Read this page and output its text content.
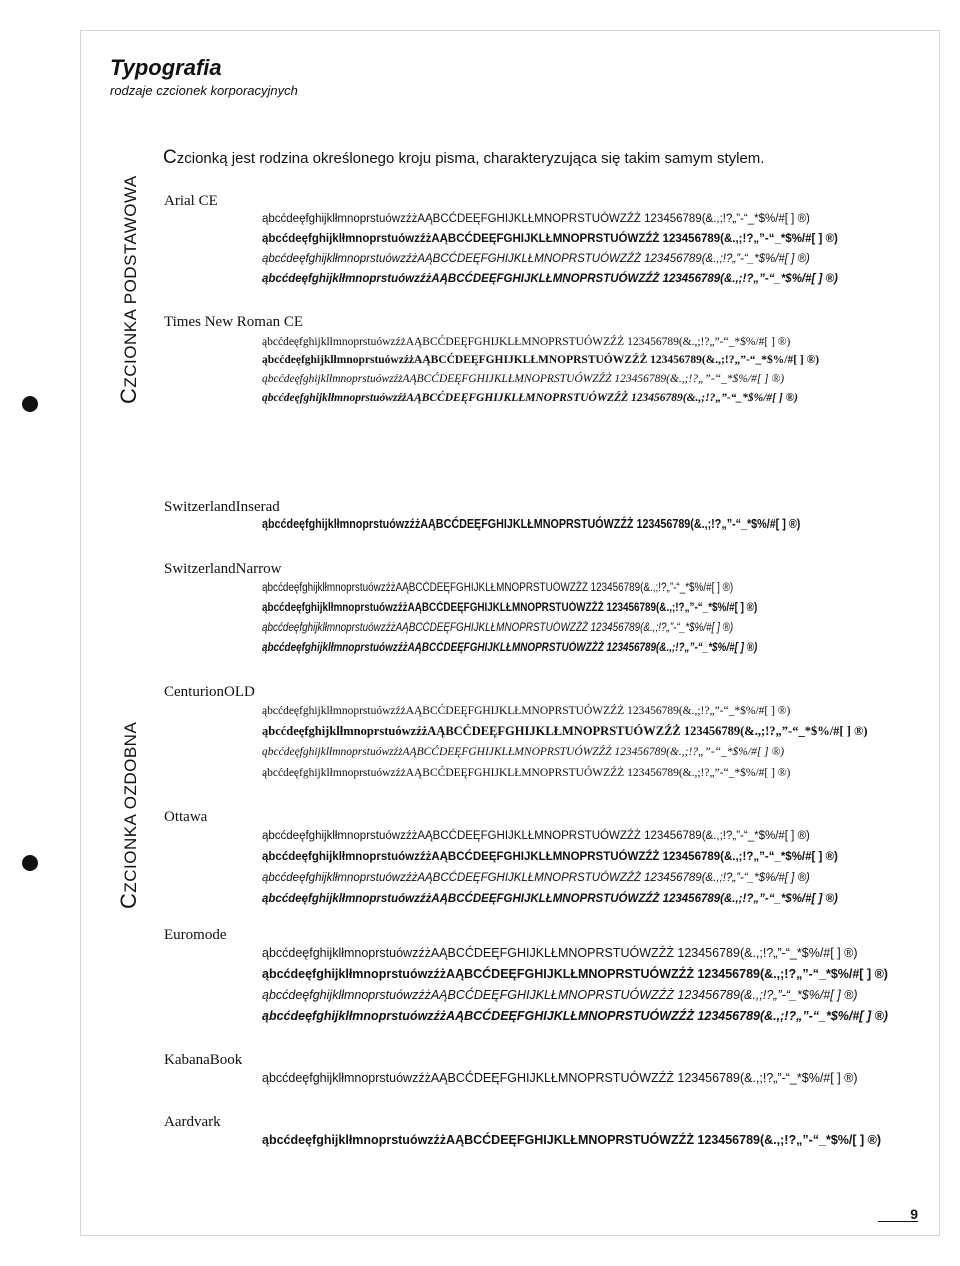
Typografia
rodzaje czcionek korporacyjnych
Czcionką jest rodzina określonego kroju pisma, charakteryzująca się takim samym stylem.
CZCIONKA PODSTAWOWA
CZCIONKA OZDOBNA
Arial CE
ąbcćdeęfghijklłmnoprstuówzźżAĄBCĆDEĘFGHIJKLŁMNOPRSTUÓWZŹŻ 123456789(&.,;!?„”-“_*$%/#[ ] ®)
ąbcćdeęfghijklłmnoprstuówzźżAĄBCĆDEĘFGHIJKLŁMNOPRSTUÓWZŹŻ 123456789(&.,;!?„”-“_*$%/#[ ] ®)
ąbcćdeęfghijklłmnoprstuówzźżAĄBCĆDEĘFGHIJKLŁMNOPRSTUÓWZŹŻ 123456789(&.,;!?„”-“_*$%/#[ ] ®)
ąbcćdeęfghijklłmnoprstuówzźżAĄBCĆDEĘFGHIJKLŁMNOPRSTUÓWZŹŻ 123456789(&.,;!?„”-“_*$%/#[ ] ®)
Times New Roman CE
ąbcćdeęfghijklłmnoprstuówzźżAĄBCĆDEĘFGHIJKLŁMNOPRSTUÓWZŹŻ 123456789(&.,;!?„”-“_*$%/#[ ] ®)
ąbcćdeęfghijklłmnoprstuówzźżAĄBCĆDEĘFGHIJKLŁMNOPRSTUÓWZŹŻ 123456789(&.,;!?„”-“_*$%/#[ ] ®)
ąbcćdeęfghijklłmnoprstuówzźżAĄBCĆDEĘFGHIJKLŁMNOPRSTUÓWZŹŻ 123456789(&.,;!?„”-“_*$%/#[ ] ®)
ąbcćdeęfghijklłmnoprstuówzźżAĄBCĆDEĘFGHIJKLŁMNOPRSTUÓWZŹŻ 123456789(&.,;!?„”-“_*$%/#[ ] ®)
SwitzerlandInserad
ąbcćdeęfghijklłmnoprstuówzźżAĄBCĆDEĘFGHIJKLŁMNOPRSTUÓWZŹŻ 123456789(&.,;!?„”-“_*$%/#[ ] ®)
SwitzerlandNarrow
ąbcćdeęfghijklłmnoprstuówzźżAĄBCĆDEĘFGHIJKLŁMNOPRSTUÓWZŹŻ 123456789(&.,;!?„”-“_*$%/#[ ] ®)
ąbcćdeęfghijklłmnoprstuówzźżAĄBCĆDEĘFGHIJKLŁMNOPRSTUÓWZŹŻ 123456789(&.,;!?„”-“_*$%/#[ ] ®)
ąbcćdeęfghijklłmnoprstuówzźżAĄBCĆDEĘFGHIJKLŁMNOPRSTUÓWZŹŻ 123456789(&.,;!?„”-“_*$%/#[ ] ®)
ąbcćdeęfghijklłmnoprstuówzźżAĄBCĆDEĘFGHIJKLŁMNOPRSTUÓWZŹŻ 123456789(&.,;!?„”-“_*$%/#[ ] ®)
CenturionOLD
ąbcćdeęfghijklłmnoprstuówzźżAĄBCĆDEĘFGHIJKLŁMNOPRSTUÓWZŹŻ 123456789(&.,;!?„”-“_*$%/#[ ] ®)
ąbcćdeęfghijklłmnoprstuówzźżAĄBCĆDEĘFGHIJKLŁMNOPRSTUÓWZŹŻ 123456789(&.,;!?„”-“_*$%/#[ ] ®)
ąbcćdeęfghijklłmnoprstuówzźżAĄBCĆDEĘFGHIJKLŁMNOPRSTUÓWZŹŻ 123456789(&.,;!?„”-“_*$%/#[ ] ®)
ąbcćdeęfghijklłmnoprstuówzźżAĄBCĆDEĘFGHIJKLŁMNOPRSTUÓWZŹŻ 123456789(&.,;!?„”-“_*$%/#[ ] ®)
Ottawa
ąbcćdeęfghijklłmnoprstuówzźżAĄBCĆDEĘFGHIJKLŁMNOPRSTUÓWZŹŻ 123456789(&.,;!?„”-“_*$%/#[ ] ®)
ąbcćdeęfghijklłmnoprstuówzźżAĄBCĆDEĘFGHIJKLŁMNOPRSTUÓWZŹŻ 123456789(&.,;!?„”-“_*$%/#[ ] ®)
ąbcćdeęfghijklłmnoprstuówzźżAĄBCĆDEĘFGHIJKLŁMNOPRSTUÓWZŹŻ 123456789(&.,;!?„”-“_*$%/#[ ] ®)
ąbcćdeęfghijklłmnoprstuówzźżAĄBCĆDEĘFGHIJKLŁMNOPRSTUÓWZŹŻ 123456789(&.,;!?„”-“_*$%/#[ ] ®)
Euromode
ąbcćdeęfghijklłmnoprstuówzźżAĄBCĆDEĘFGHIJKLŁMNOPRSTUÓWZŹŻ 123456789(&.,;!?„”-“_*$%/#[ ] ®)
ąbcćdeęfghijklłmnoprstuówzźżAĄBCĆDEĘFGHIJKLŁMNOPRSTUÓWZŹŻ 123456789(&.,;!?„”-“_*$%/#[ ] ®)
ąbcćdeęfghijklłmnoprstuówzźżAĄBCĆDEĘFGHIJKLŁMNOPRSTUÓWZŹŻ 123456789(&.,;!?„”-“_*$%/#[ ] ®)
ąbcćdeęfghijklłmnoprstuówzźżAĄBCĆDEĘFGHIJKLŁMNOPRSTUÓWZŹŻ 123456789(&.,;!?„”-“_*$%/#[ ] ®)
KabanaBook
ąbcćdeęfghijklłmnoprstuówzźżAĄBCĆDEĘFGHIJKLŁMNOPRSTUÓWZŹŻ 123456789(&.,;!?„”-“_*$%/#[ ] ®)
Aardvark
ąbcćdeęfghijklłmnoprstuówzźżAĄBCĆDEĘFGHIJKLŁMNOPRSTUÓWZŹŻ 123456789(&.,;!?„”-“_*$%/[ ] ®)
9
